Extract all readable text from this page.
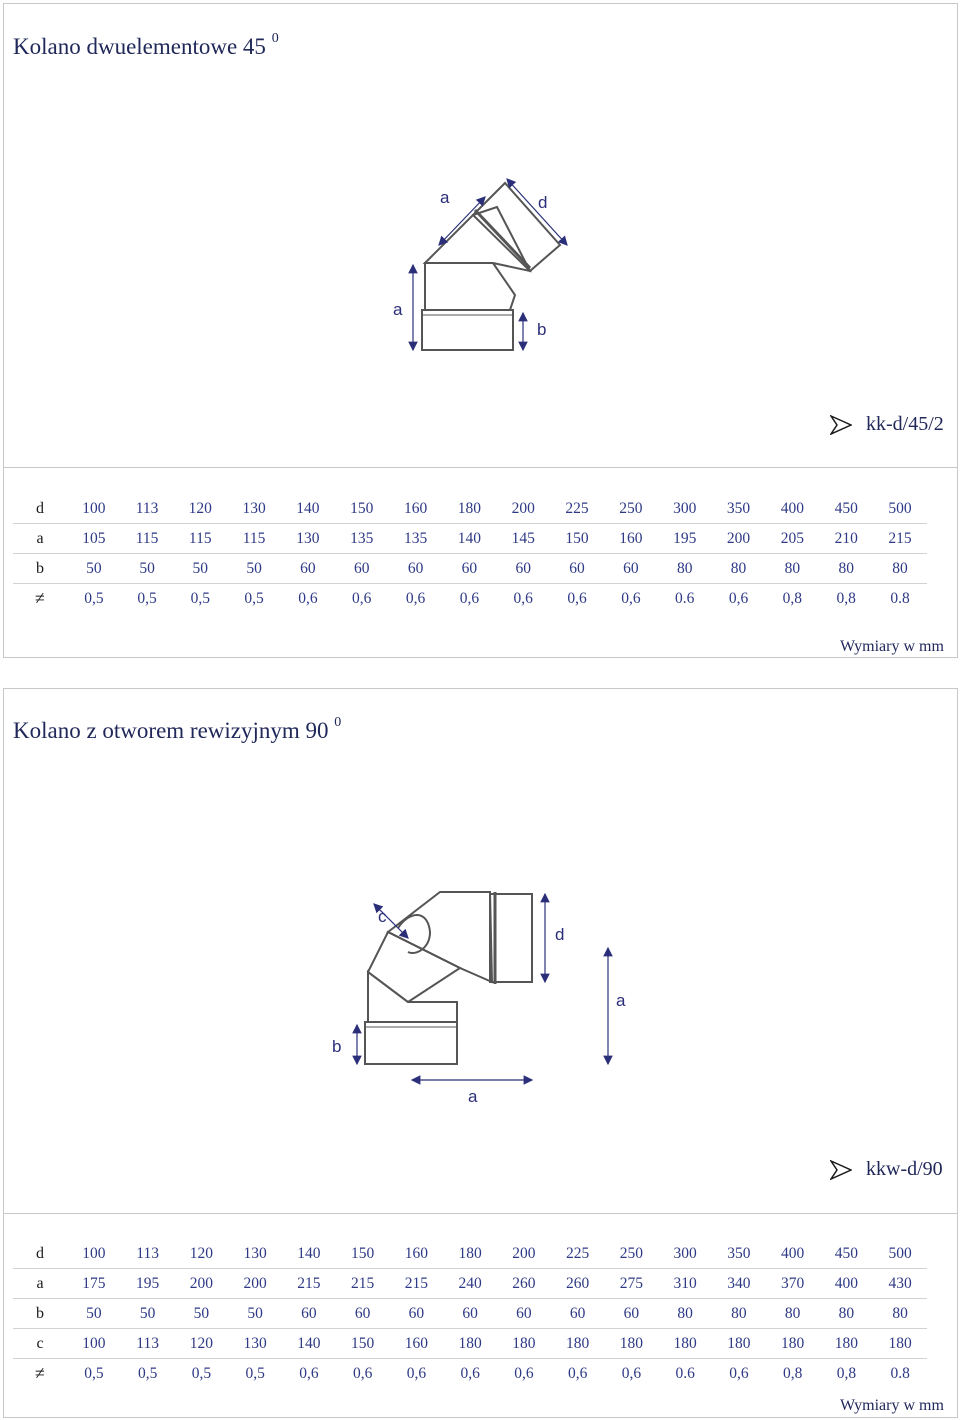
Kolano dwuelementowe 45 $^0$
a	d
a
b
kk-d/45/2
d	100	113	120	130	140	150	160	180	200	225	250	300	350	400	450	500
a	105	115	115	115	130	135	135	140	145	150	160	195	200	205	210	215
b	50	50	50	50	60	60	60	60	60	60	60	80	80	80	80	80
≠	0,5	0,5	0,5	0,5	0,6	0,6	0,6	0,6	0,6	0,6	0,6	0.6	0,6	0,8	0,8	0.8
Wymiary w mm
Kolano z otworem rewizyjnym 90 $^0$
c
d
a
b
a
kkw-d/90
d	100	113	120	130	140	150	160	180	200	225	250	300	350	400	450	500
a	175	195	200	200	215	215	215	240	260	260	275	310	340	370	400	430
b	50	50	50	50	60	60	60	60	60	60	60	80	80	80	80	80
c	100	113	120	130	140	150	160	180	180	180	180	180	180	180	180	180
≠	0,5	0,5	0,5	0,5	0,6	0,6	0,6	0,6	0,6	0,6	0,6	0.6	0,6	0,8	0,8	0.8
Wymiary w mm
